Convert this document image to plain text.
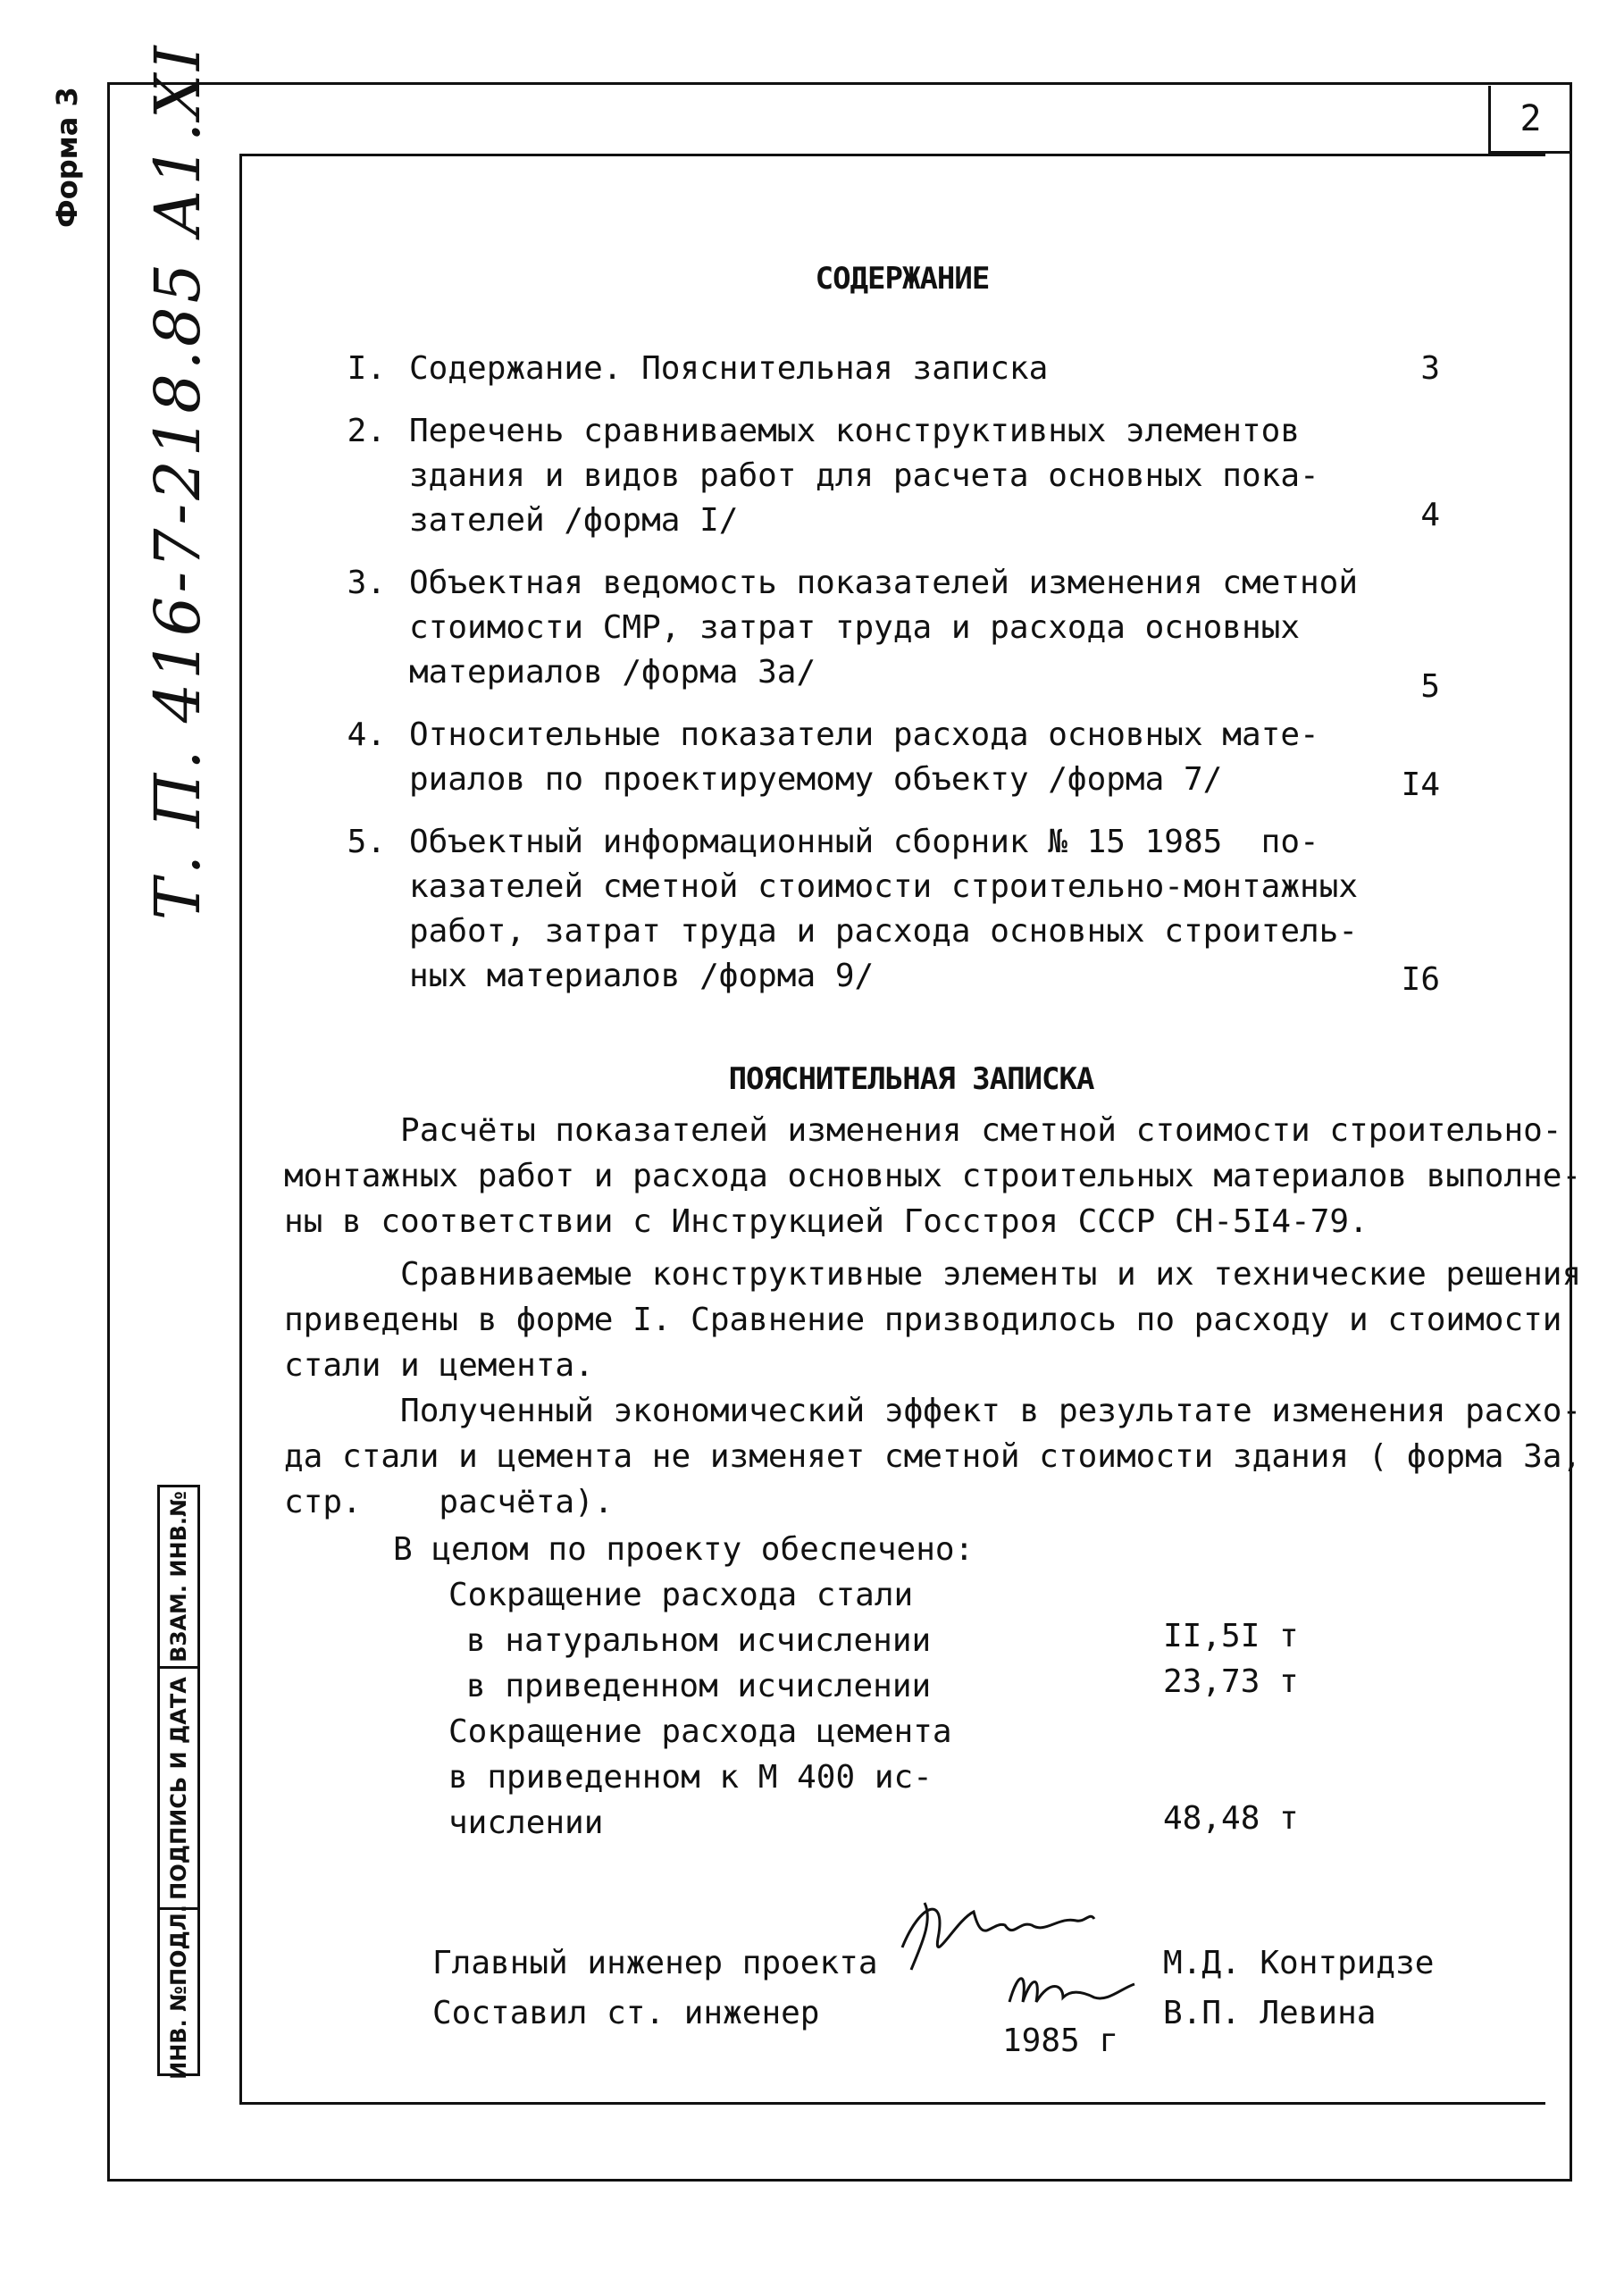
2
Форма 3 Т. П. 416-7-218.85 А1.XI
ВЗАМ. ИНВ.№
ПОДПИСЬ И ДАТА
ИНВ. №ПОДЛ.
СОДЕРЖАНИЕ
I. Содержание. Пояснительная записка	3
2. Перечень сравниваемых конструктивных элементов
здания и видов работ для расчета основных пока-
зателей /форма I/	4
3. Объектная ведомость показателей изменения сметной
стоимости СМР, затрат труда и расхода основных
материалов /форма 3а/	5
4. Относительные показатели расхода основных мате-
риалов по проектируемому объекту /форма 7/	I4
5. Объектный информационный сборник № 15 1985  по-
казателей сметной стоимости строительно-монтажных
работ, затрат труда и расхода основных строитель-
ных материалов /форма 9/	I6
ПОЯСНИТЕЛЬНАЯ ЗАПИСКА
Расчёты показателей изменения сметной стоимости строительно-
монтажных работ и расхода основных строительных материалов выполне-
ны в соответствии с Инструкцией Госстроя СССР СН-5I4-79.
Сравниваемые конструктивные элементы и их технические решения
приведены в форме I. Сравнение призводилось по расходу и стоимости
стали и цемента.
Полученный экономический эффект в результате изменения расхо-
да стали и цемента не изменяет сметной стоимости здания ( форма 3а,
стр.    расчёта).
В целом по проекту обеспечено:
Сокращение расхода стали
в натуральном исчислении	II,5I т
в приведенном исчислении	23,73 т
Сокращение расхода цемента
в приведенном к М 400 ис-
числении	48,48 т
Главный инженер проекта	М.Д. Контридзе
Составил ст. инженер	В.П. Левина
1985 г
